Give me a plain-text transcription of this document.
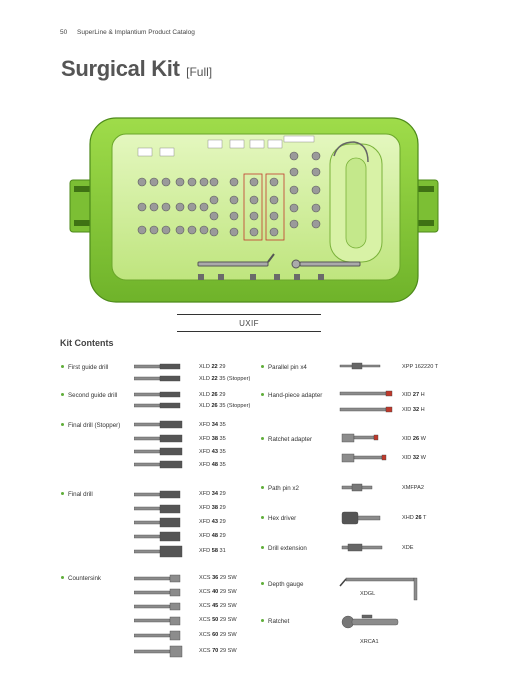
50 SuperLine & Implantium Product Catalog
Surgical Kit [Full]
UXIF
Kit Contents
First guide drill	XLD 22 29
XLD 22 35 (Stopper)
Second guide drill	XLD 26 29
XLD 26 35 (Stopper)
Final drill (Stopper)	XFD 34 35
XFD 38 35
XFD 43 35
XFD 48 35
Final drill	XFD 34 29
XFD 38 29
XFD 43 29
XFD 48 29
XFD 58 31
Countersink	XCS 36 29 SW
XCS 40 29 SW
XCS 45 29 SW
XCS 50 29 SW
XCS 60 29 SW
XCS 70 29 SW
Parallel pin x4	XPP 162220 T
Hand-piece adapter	XID 27 H
XID 32 H
Ratchet adapter	XID 26 W
XID 32 W
Path pin x2	XMFPA2
Hex driver	XHD 26 T
Drill extension	XDE
Depth gauge
XDGL
Ratchet
XRCA1
